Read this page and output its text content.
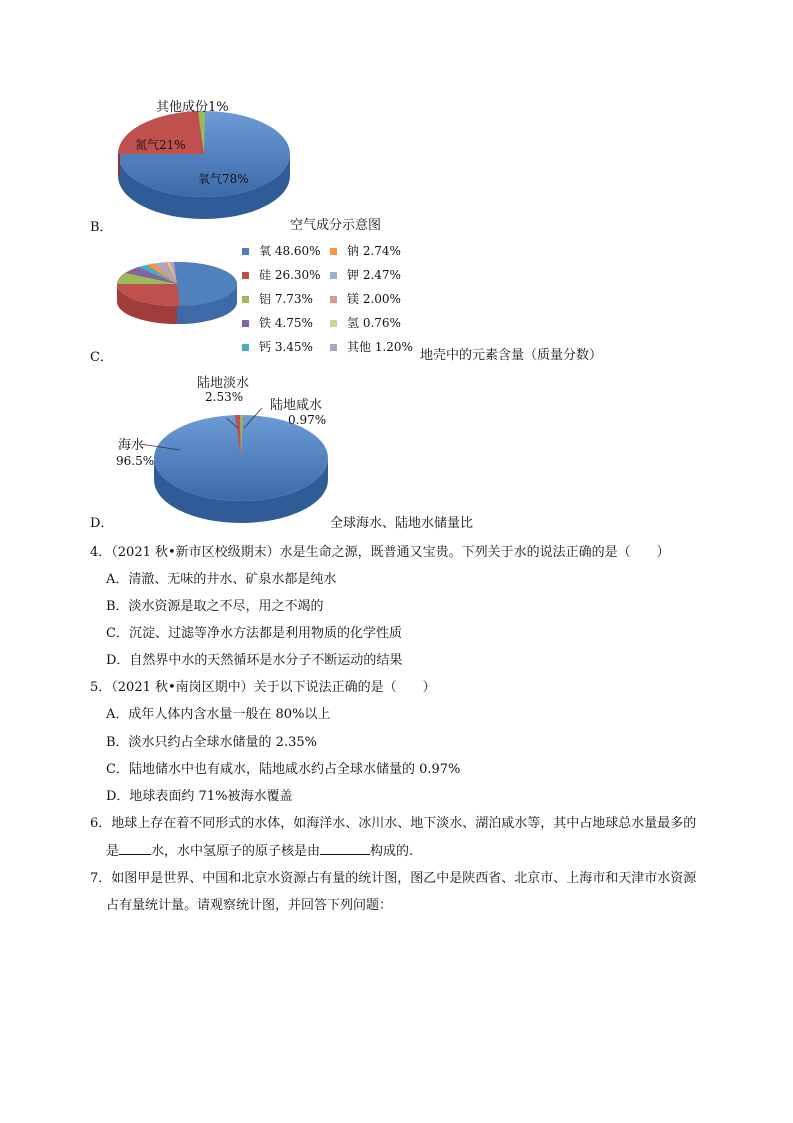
其他成份1%
氮气21%
氧气78%
B．	空气成分示意图
氧 48.60%
硅 26.30%
铝 7.73%
铁 4.75%
钙 3.45%
钠 2.74%
钾 2.47%
镁 2.00%
氢 0.76%
其他 1.20%
C．	地壳中的元素含量（质量分数）
陆地淡水
2.53%
陆地咸水
0.97%
海水
96.5%
D．	全球海水、陆地水储量比
4．（2021 秋•新市区校级期末）水是生命之源，既普通又宝贵。下列关于水的说法正确的是（　　）
A．清澈、无味的井水、矿泉水都是纯水
B．淡水资源是取之不尽，用之不竭的
C．沉淀、过滤等净水方法都是利用物质的化学性质
D．自然界中水的天然循环是水分子不断运动的结果
5．（2021 秋•南岗区期中）关于以下说法正确的是（　　）
A．成年人体内含水量一般在 80%以上
B．淡水只约占全球水储量的 2.35%
C．陆地储水中也有咸水，陆地咸水约占全球水储量的 0.97%
D．地球表面约 71%被海水覆盖
6．地球上存在着不同形式的水体，如海洋水、冰川水、地下淡水、湖泊咸水等，其中占地球总水量最多的
是 水，水中氢原子的原子核是由	构成的.
7．如图甲是世界、中国和北京水资源占有量的统计图，图乙中是陕西省、北京市、上海市和天津市水资源
占有量统计量。请观察统计图，并回答下列问题：
